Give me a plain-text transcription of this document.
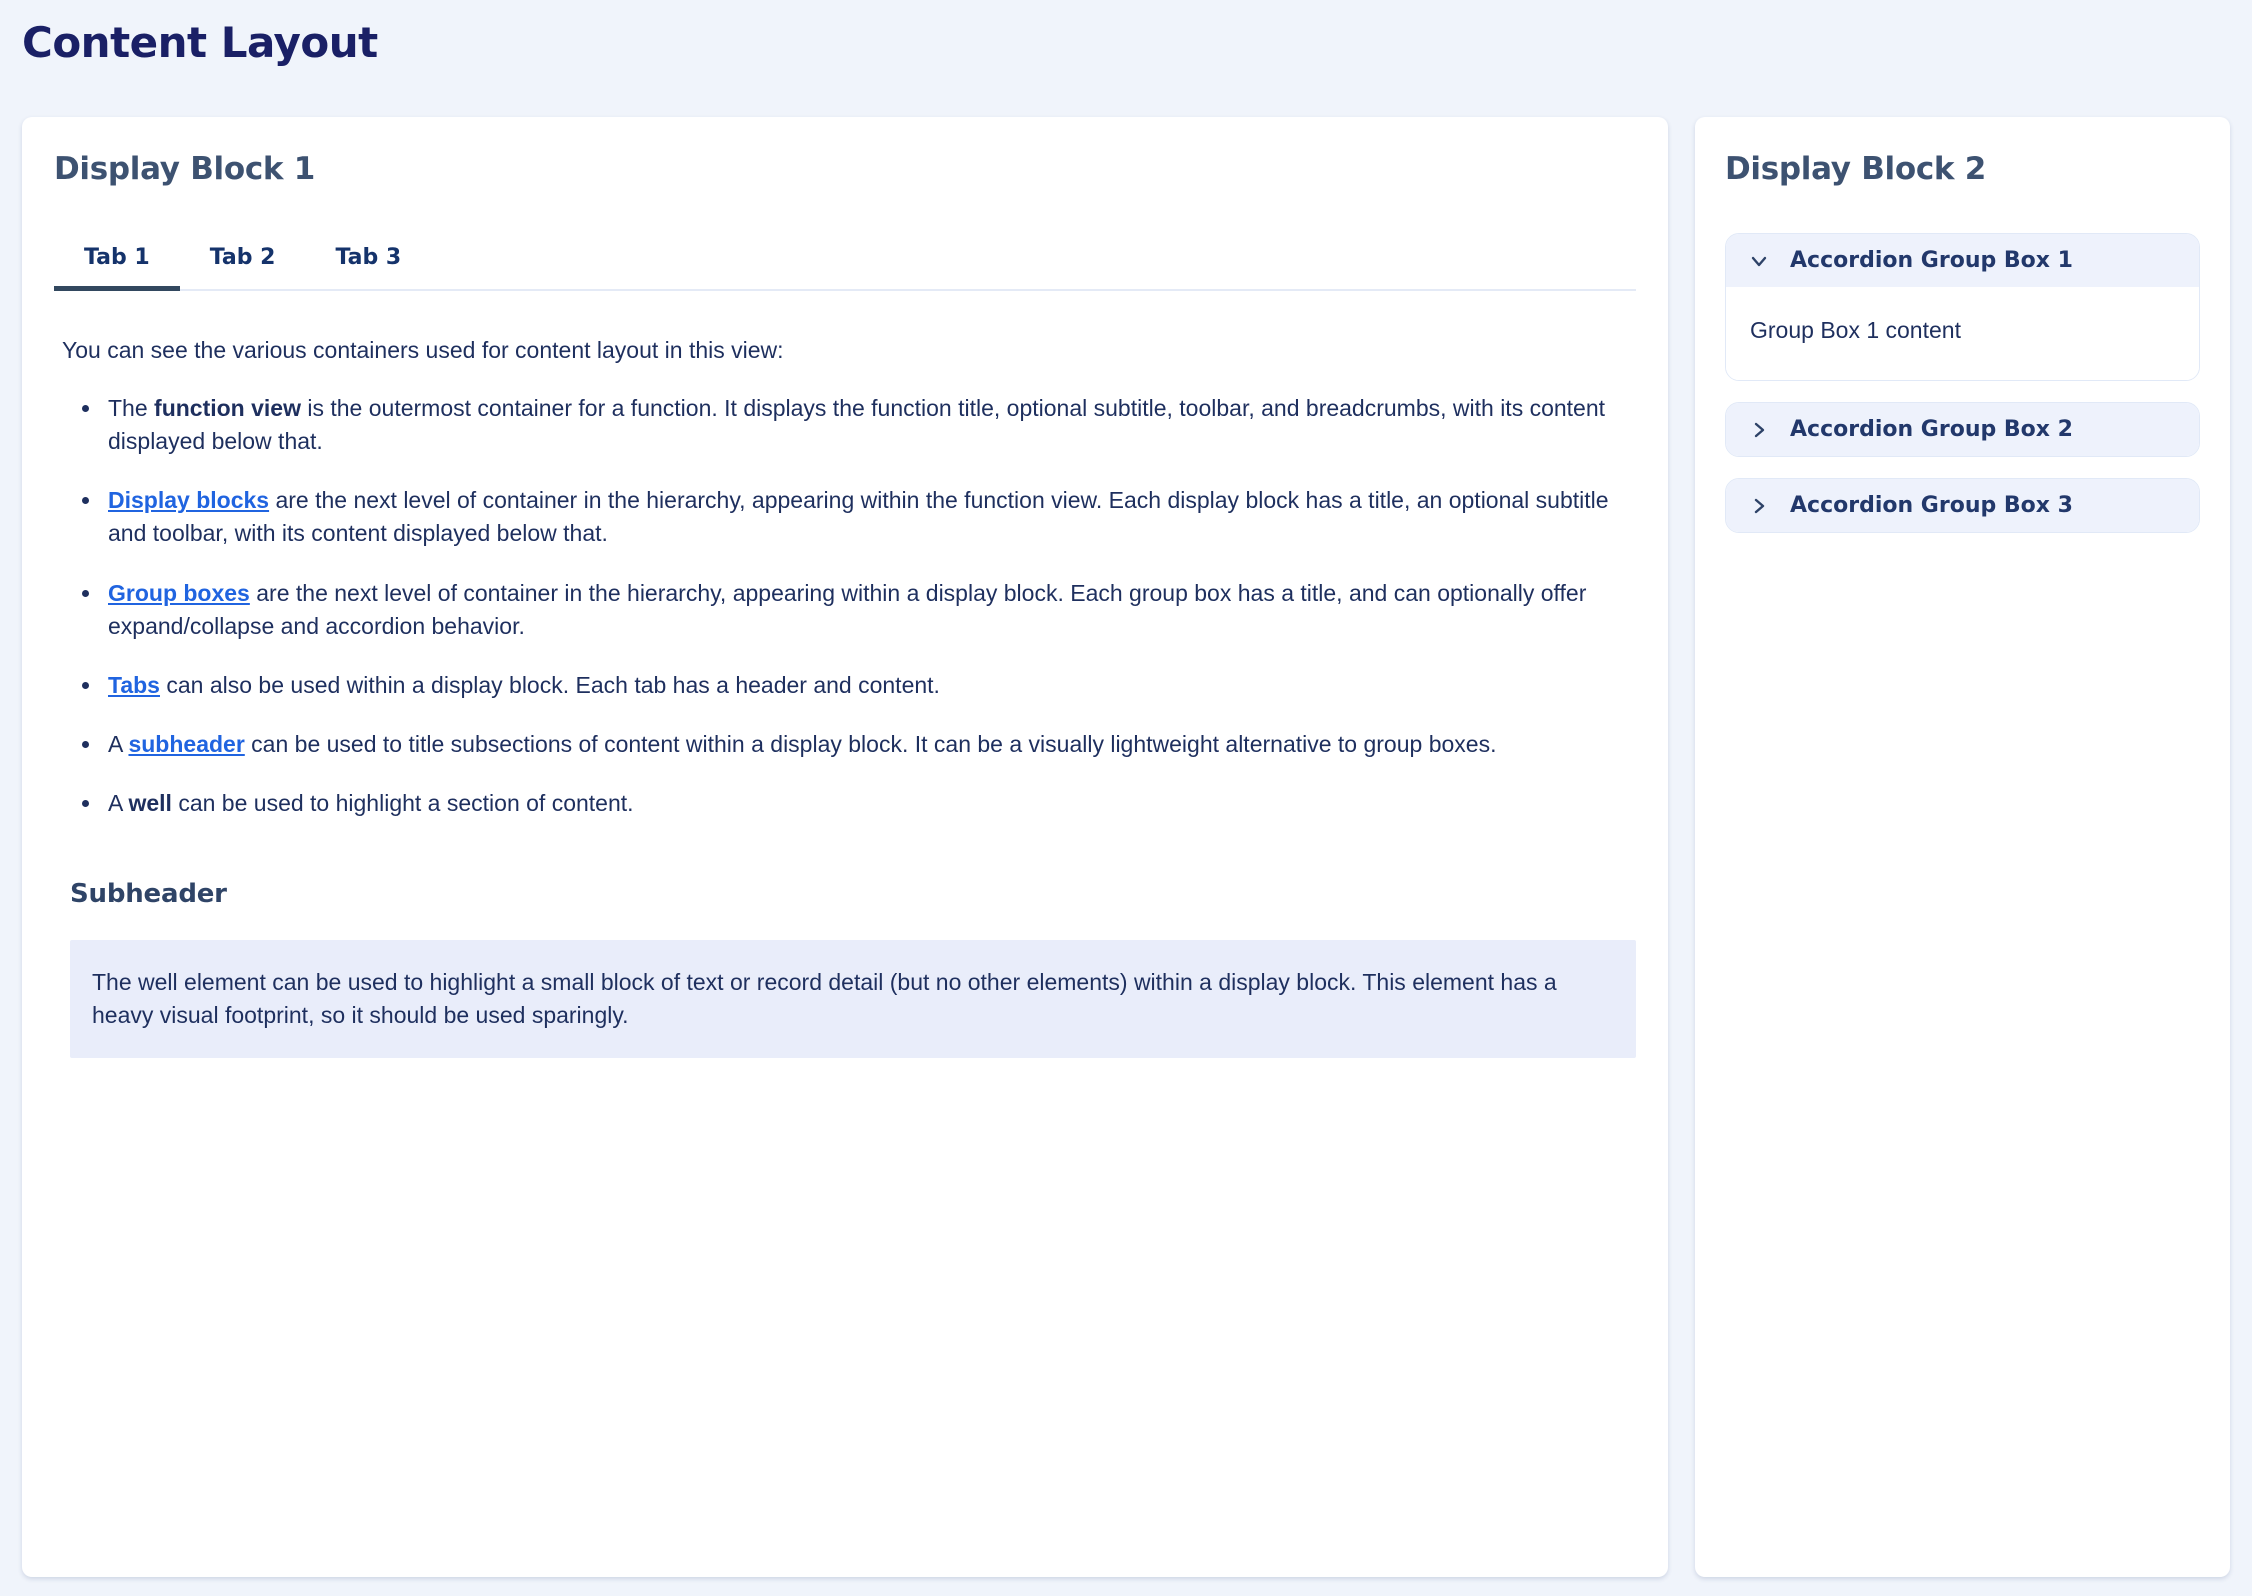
Content Layout
Display Block 1
Tab 1	Tab 2	Tab 3

You can see the various containers used for content layout in this view:

The function view is the outermost container for a function. It displays the function title, optional subtitle, toolbar, and breadcrumbs, with its content displayed below that.
Display blocks are the next level of container in the hierarchy, appearing within the function view. Each display block has a title, an optional subtitle and toolbar, with its content displayed below that.
Group boxes are the next level of container in the hierarchy, appearing within a display block. Each group box has a title, and can optionally offer expand/collapse and accordion behavior.
Tabs can also be used within a display block. Each tab has a header and content.
A subheader can be used to title subsections of content within a display block. It can be a visually lightweight alternative to group boxes.
A well can be used to highlight a section of content.
Subheader
The well element can be used to highlight a small block of text or record detail (but no other elements) within a display block. This element has a heavy visual footprint, so it should be used sparingly.
Display Block 2
Accordion Group Box 1
Group Box 1 content
Accordion Group Box 2
Accordion Group Box 3
